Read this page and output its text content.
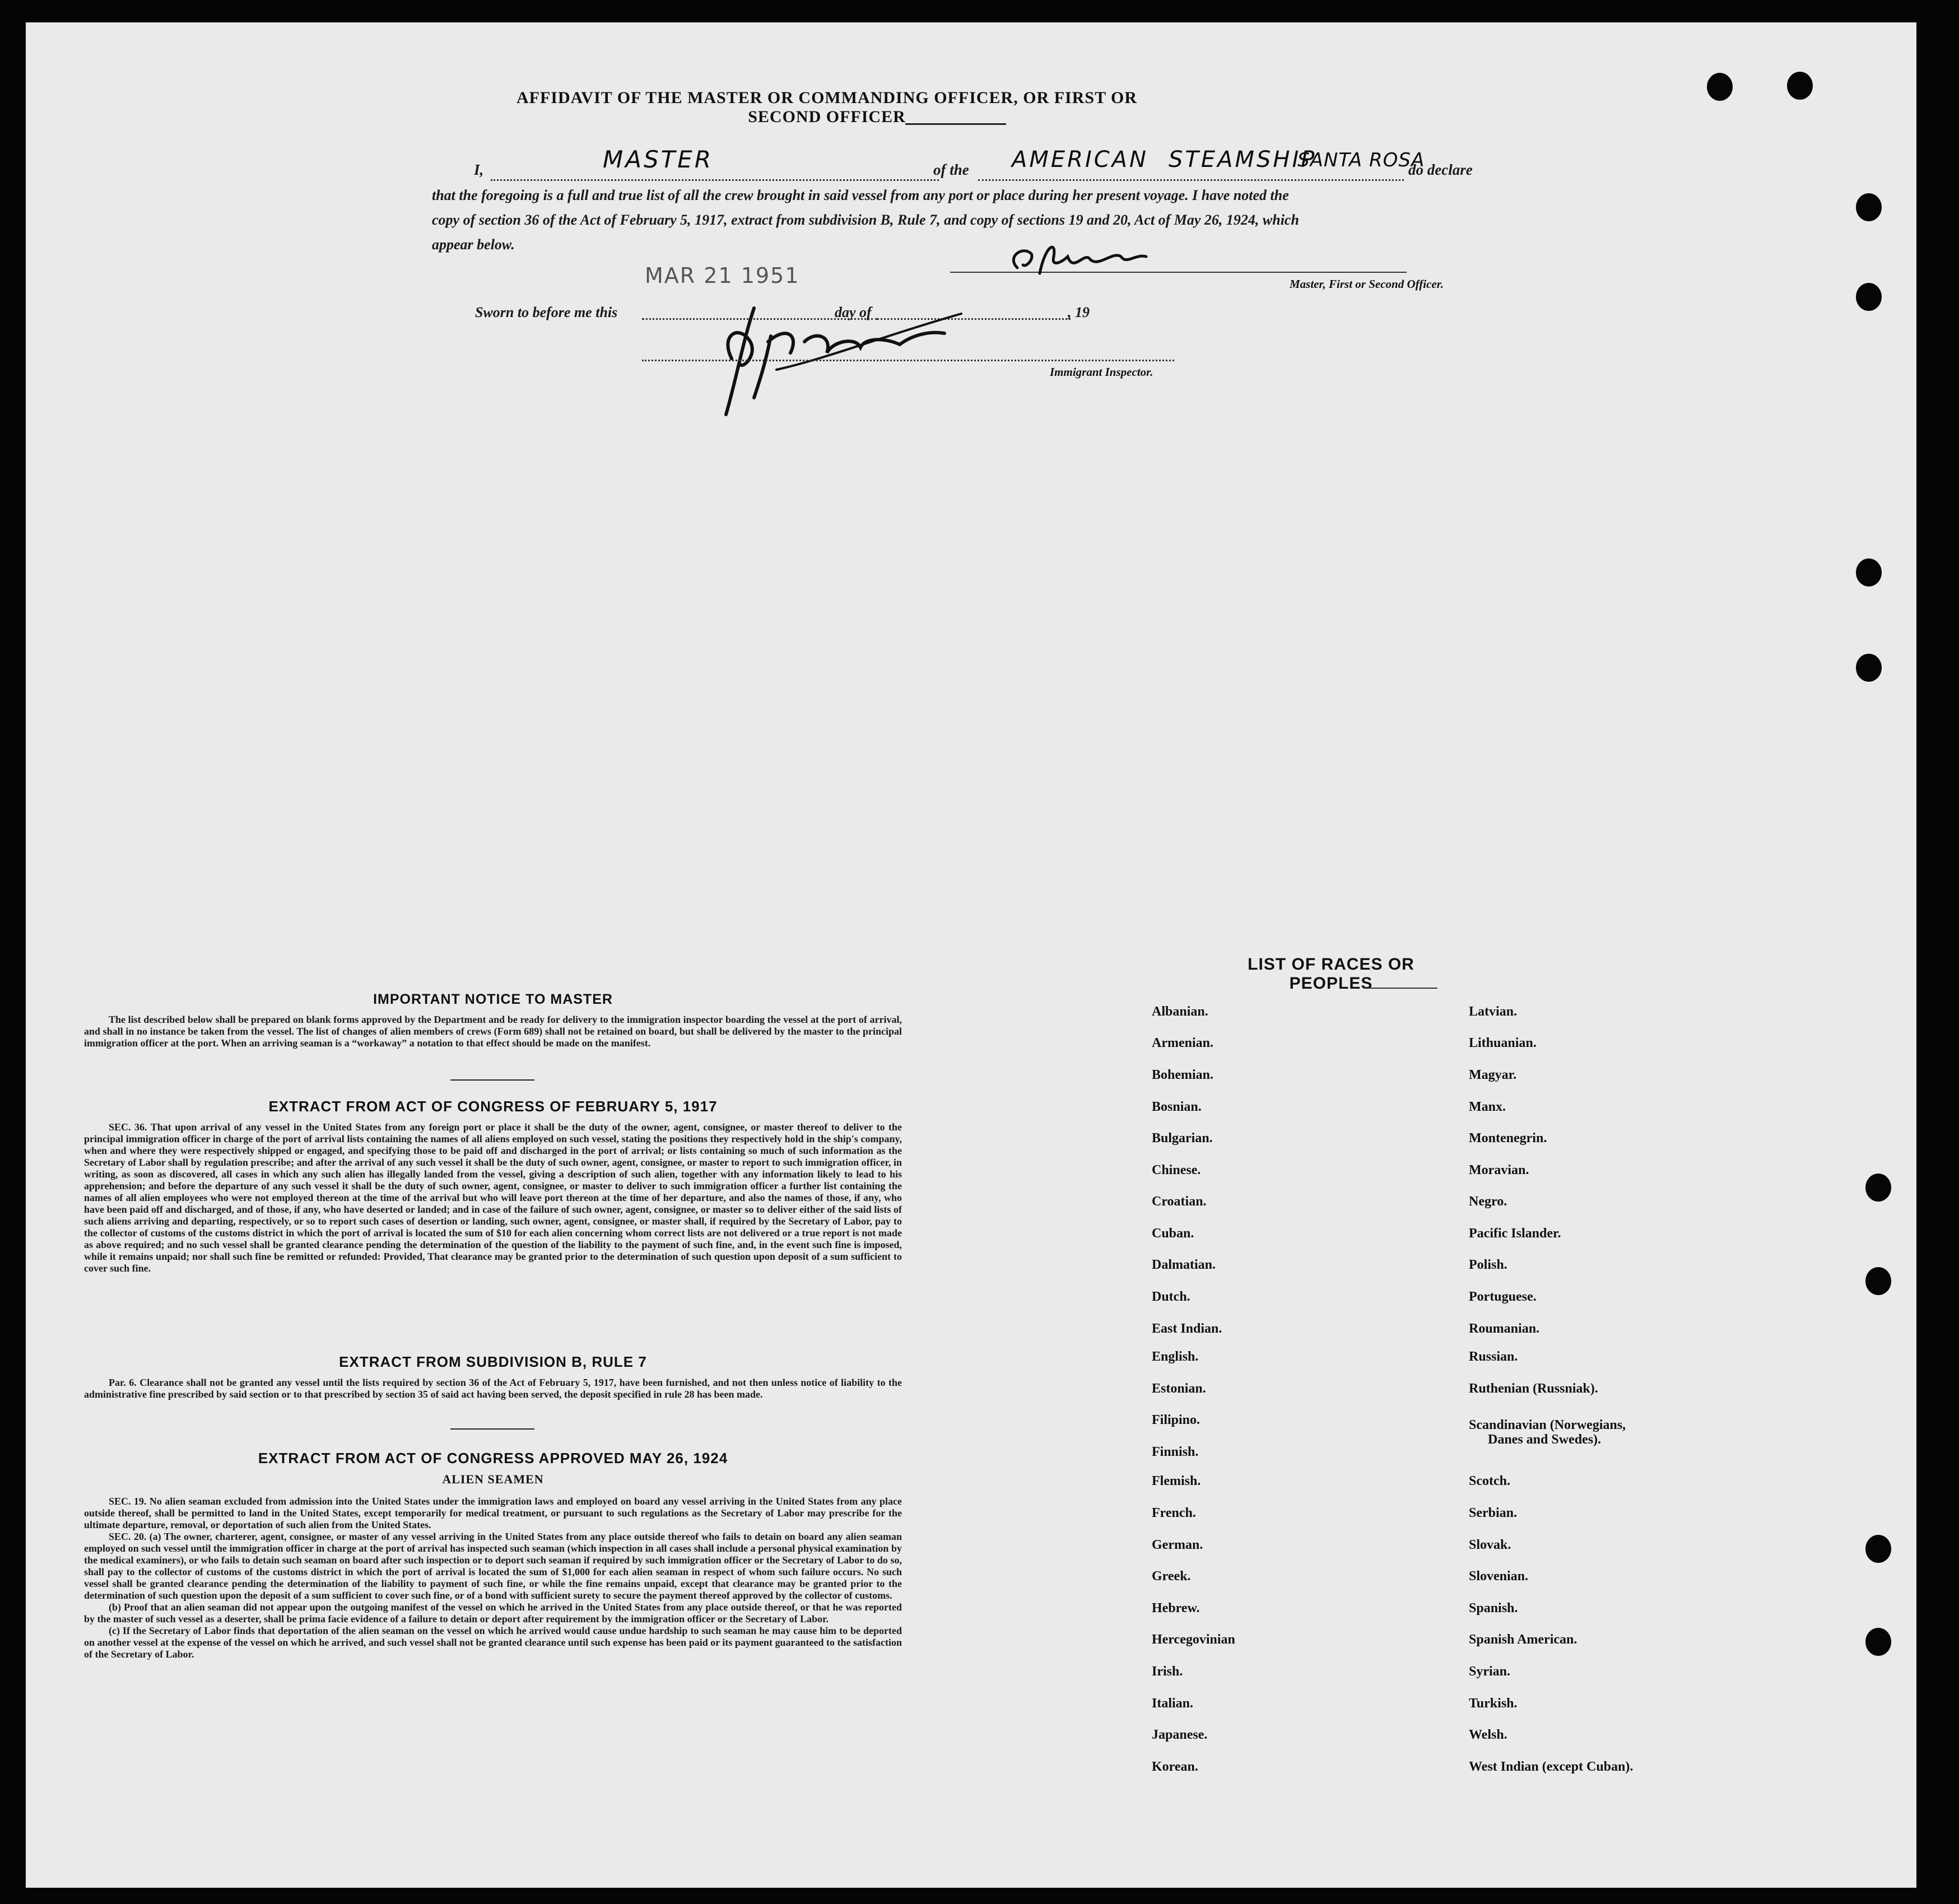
AFFIDAVIT OF THE MASTER OR COMMANDING OFFICER, OR FIRST OR SECOND OFFICER
I,	MASTER	of the AMERICAN STEAMSHIP
SANTA ROSA
do declare
that the foregoing is a full and true list of all the crew brought in said vessel from any port or place during her present voyage. I have noted the
copy of section 36 of the Act of February 5, 1917, extract from subdivision B, Rule 7, and copy of sections 19 and 20, Act of May 26, 1924, which
appear below.
MAR 21 1951	Master, First or Second Officer.
Sworn to before me this	day of	, 19
Immigrant Inspector.
IMPORTANT NOTICE TO MASTER

The list described below shall be prepared on blank forms approved by the Department and be ready for delivery to the immigration inspector boarding the vessel at the port of arrival, and shall in no instance be taken from the vessel. The list of changes of alien members of crews (Form 689) shall not be retained on board, but shall be delivered by the master to the principal immigration officer at the port. When an arriving seaman is a “workaway” a notation to that effect should be made on the manifest.

EXTRACT FROM ACT OF CONGRESS OF FEBRUARY 5, 1917

SEC. 36. That upon arrival of any vessel in the United States from any foreign port or place it shall be the duty of the owner, agent, consignee, or master thereof to deliver to the principal immigration officer in charge of the port of arrival lists containing the names of all aliens employed on such vessel, stating the positions they respectively hold in the ship's company, when and where they were respectively shipped or engaged, and specifying those to be paid off and discharged in the port of arrival; or lists containing so much of such information as the Secretary of Labor shall by regulation prescribe; and after the arrival of any such vessel it shall be the duty of such owner, agent, consignee, or master to report to such immigration officer, in writing, as soon as discovered, all cases in which any such alien has illegally landed from the vessel, giving a description of such alien, together with any information likely to lead to his apprehension; and before the departure of any such vessel it shall be the duty of such owner, agent, consignee, or master to deliver to such immigration officer a further list containing the names of all alien employees who were not employed thereon at the time of the arrival but who will leave port thereon at the time of her departure, and also the names of those, if any, who have been paid off and discharged, and of those, if any, who have deserted or landed; and in case of the failure of such owner, agent, consignee, or master so to deliver either of the said lists of such aliens arriving and departing, respectively, or so to report such cases of desertion or landing, such owner, agent, consignee, or master shall, if required by the Secretary of Labor, pay to the collector of customs of the customs district in which the port of arrival is located the sum of $10 for each alien concerning whom correct lists are not delivered or a true report is not made as above required; and no such vessel shall be granted clearance pending the determination of the question of the liability to the payment of such fine, and, in the event such fine is imposed, while it remains unpaid; nor shall such fine be remitted or refunded: Provided, That clearance may be granted prior to the determination of such question upon deposit of a sum sufficient to cover such fine.

EXTRACT FROM SUBDIVISION B, RULE 7

Par. 6. Clearance shall not be granted any vessel until the lists required by section 36 of the Act of February 5, 1917, have been furnished, and not then unless notice of liability to the administrative fine prescribed by said section or to that prescribed by section 35 of said act having been served, the deposit specified in rule 28 has been made.

EXTRACT FROM ACT OF CONGRESS APPROVED MAY 26, 1924
ALIEN SEAMEN

SEC. 19. No alien seaman excluded from admission into the United States under the immigration laws and employed on board any vessel arriving in the United States from any place outside thereof, shall be permitted to land in the United States, except temporarily for medical treatment, or pursuant to such regulations as the Secretary of Labor may prescribe for the ultimate departure, removal, or deportation of such alien from the United States.

SEC. 20. (a) The owner, charterer, agent, consignee, or master of any vessel arriving in the United States from any place outside thereof who fails to detain on board any alien seaman employed on such vessel until the immigration officer in charge at the port of arrival has inspected such seaman (which inspection in all cases shall include a personal physical examination by the medical examiners), or who fails to detain such seaman on board after such inspection or to deport such seaman if required by such immigration officer or the Secretary of Labor to do so, shall pay to the collector of customs of the customs district in which the port of arrival is located the sum of $1,000 for each alien seaman in respect of whom such failure occurs. No such vessel shall be granted clearance pending the determination of the liability to payment of such fine, or while the fine remains unpaid, except that clearance may be granted prior to the determination of such question upon the deposit of a sum sufficient to cover such fine, or of a bond with sufficient surety to secure the payment thereof approved by the collector of customs.

(b) Proof that an alien seaman did not appear upon the outgoing manifest of the vessel on which he arrived in the United States from any place outside thereof, or that he was reported by the master of such vessel as a deserter, shall be prima facie evidence of a failure to detain or deport after requirement by the immigration officer or the Secretary of Labor.

(c) If the Secretary of Labor finds that deportation of the alien seaman on the vessel on which he arrived would cause undue hardship to such seaman he may cause him to be deported on another vessel at the expense of the vessel on which he arrived, and such vessel shall not be granted clearance until such expense has been paid or its payment guaranteed to the satisfaction of the Secretary of Labor.

LIST OF RACES OR PEOPLES
Albanian.
Armenian.
Bohemian.
Bosnian.
Bulgarian.
Chinese.
Croatian.
Cuban.
Dalmatian.
Dutch.
East Indian.
English.
Estonian.
Filipino.
Finnish.
Flemish.
French.
German.
Greek.
Hebrew.
Hercegovinian
Irish.
Italian.
Japanese.
Korean.
Latvian.
Lithuanian.
Magyar.
Manx.
Montenegrin.
Moravian.
Negro.
Pacific Islander.
Polish.
Portuguese.
Roumanian.
Russian.
Ruthenian (Russniak).
Scandinavian (Norwegians,
Danes and Swedes).
Scotch.
Serbian.
Slovak.
Slovenian.
Spanish.
Spanish American.
Syrian.
Turkish.
Welsh.
West Indian (except Cuban).
